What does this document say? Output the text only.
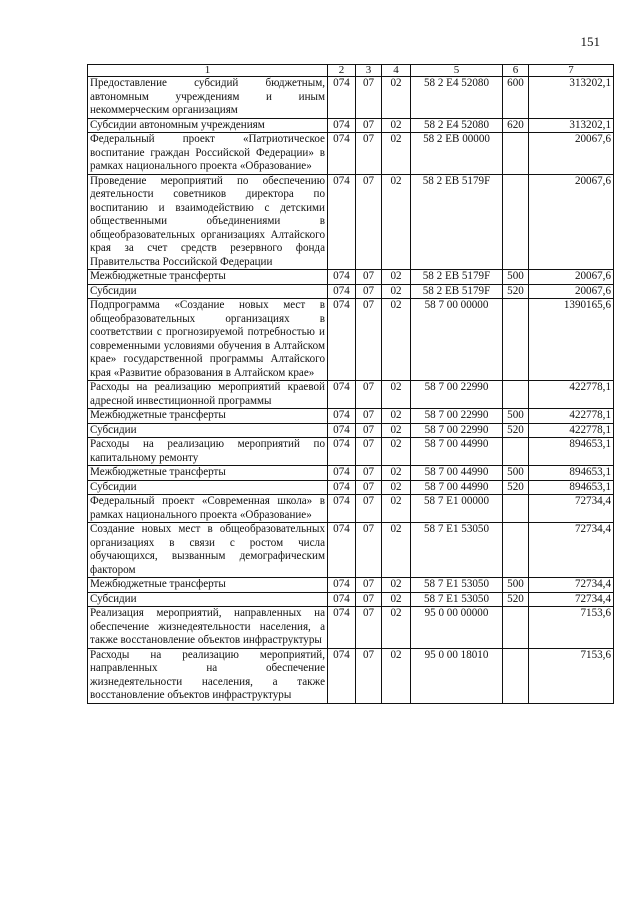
151
1	2	3	4	5	6	7
Предоставление субсидий бюджетным, автономным учреждениям и иным некоммерческим организациям	074	07	02	58 2 E4 52080	600	313202,1
Субсидии автономным учреждениям	074	07	02	58 2 E4 52080	620	313202,1
Федеральный проект «Патриотическое воспитание граждан Российской Федерации» в рамках национального проекта «Образование»	074	07	02	58 2 EB 00000		20067,6
Проведение мероприятий по обеспечению деятельности советников директора по воспитанию и взаимодействию с детскими общественными объединениями в общеобразовательных организациях Алтайского края за счет средств резервного фонда Правительства Российской Федерации	074	07	02	58 2 EB 5179F		20067,6
Межбюджетные трансферты	074	07	02	58 2 EB 5179F	500	20067,6
Субсидии	074	07	02	58 2 EB 5179F	520	20067,6
Подпрограмма «Создание новых мест в общеобразовательных организациях в соответствии с прогнозируемой потребностью и современными условиями обучения в Алтайском крае» государственной программы Алтайского края «Развитие образования в Алтайском крае»	074	07	02	58 7 00 00000		1390165,6
Расходы на реализацию мероприятий краевой адресной инвестиционной программы	074	07	02	58 7 00 22990		422778,1
Межбюджетные трансферты	074	07	02	58 7 00 22990	500	422778,1
Субсидии	074	07	02	58 7 00 22990	520	422778,1
Расходы на реализацию мероприятий по капитальному ремонту	074	07	02	58 7 00 44990		894653,1
Межбюджетные трансферты	074	07	02	58 7 00 44990	500	894653,1
Субсидии	074	07	02	58 7 00 44990	520	894653,1
Федеральный проект «Современная школа» в рамках национального проекта «Образование»	074	07	02	58 7 E1 00000		72734,4
Создание новых мест в общеобразовательных организациях в связи с ростом числа обучающихся, вызванным демографическим фактором	074	07	02	58 7 E1 53050		72734,4
Межбюджетные трансферты	074	07	02	58 7 E1 53050	500	72734,4
Субсидии	074	07	02	58 7 E1 53050	520	72734,4
Реализация мероприятий, направленных на обеспечение жизнедеятельности населения, а также восстановление объектов инфраструктуры	074	07	02	95 0 00 00000		7153,6
Расходы на реализацию мероприятий, направленных на обеспечение жизнедеятельности населения, а также восстановление объектов инфраструктуры	074	07	02	95 0 00 18010		7153,6
